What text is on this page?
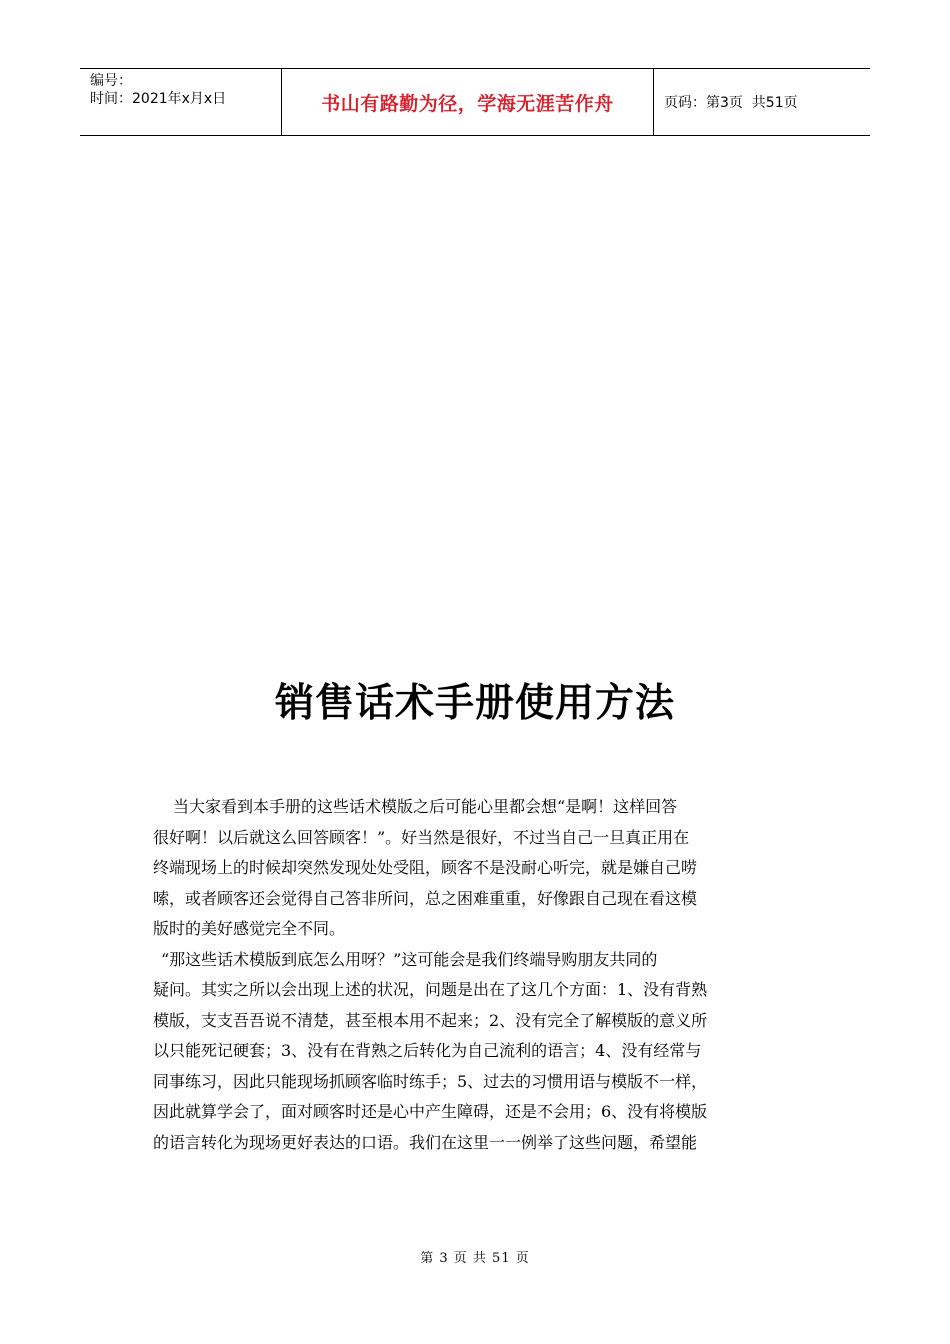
编号：
时间：2021年x月x日	书山有路勤为径，学海无涯苦作舟	页码：第3页  共51页
销售话术手册使用方法

当大家看到本手册的这些话术模版之后可能心里都会想“是啊！这样回答
很好啊！以后就这么回答顾客！”。好当然是很好，不过当自己一旦真正用在
终端现场上的时候却突然发现处处受阻，顾客不是没耐心听完，就是嫌自己唠
嗦，或者顾客还会觉得自己答非所问，总之困难重重，好像跟自己现在看这模
版时的美好感觉完全不同。

“那这些话术模版到底怎么用呀？”这可能会是我们终端导购朋友共同的
疑问。其实之所以会出现上述的状况，问题是出在了这几个方面：1、没有背熟
模版，支支吾吾说不清楚，甚至根本用不起来；2、没有完全了解模版的意义所
以只能死记硬套；3、没有在背熟之后转化为自己流利的语言；4、没有经常与
同事练习，因此只能现场抓顾客临时练手；5、过去的习惯用语与模版不一样，
因此就算学会了，面对顾客时还是心中产生障碍，还是不会用；6、没有将模版
的语言转化为现场更好表达的口语。我们在这里一一例举了这些问题，希望能

第 3 页 共 51 页
